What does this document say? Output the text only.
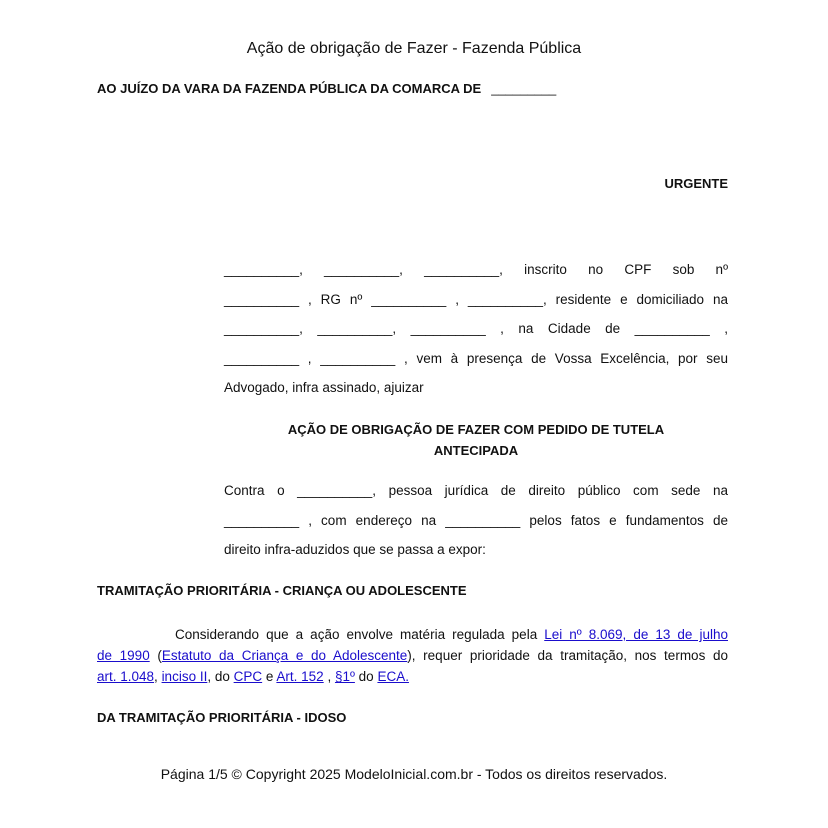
Ação de obrigação de Fazer - Fazenda Pública
AO JUÍZO DA VARA DA FAZENDA PÚBLICA DA COMARCA DE _________
URGENTE
__________, __________, __________, inscrito no CPF sob nº
__________ , RG nº __________ , __________, residente e domiciliado na
__________, __________, __________ , na Cidade de __________ ,
__________ , __________ , vem à presença de Vossa Excelência, por seu
Advogado, infra assinado, ajuizar
AÇÃO DE OBRIGAÇÃO DE FAZER COM PEDIDO DE TUTELA
ANTECIPADA
Contra o __________, pessoa jurídica de direito público com sede na
__________ , com endereço na __________ pelos fatos e fundamentos de
direito infra-aduzidos que se passa a expor:
TRAMITAÇÃO PRIORITÁRIA - CRIANÇA OU ADOLESCENTE
Considerando que a ação envolve matéria regulada pela Lei nº 8.069, de 13 de julho
de 1990 (Estatuto da Criança e do Adolescente), requer prioridade da tramitação, nos termos do
art. 1.048, inciso II, do CPC e Art. 152 , §1º do ECA.
DA TRAMITAÇÃO PRIORITÁRIA - IDOSO
Página 1/5 © Copyright 2025 ModeloInicial.com.br - Todos os direitos reservados.
